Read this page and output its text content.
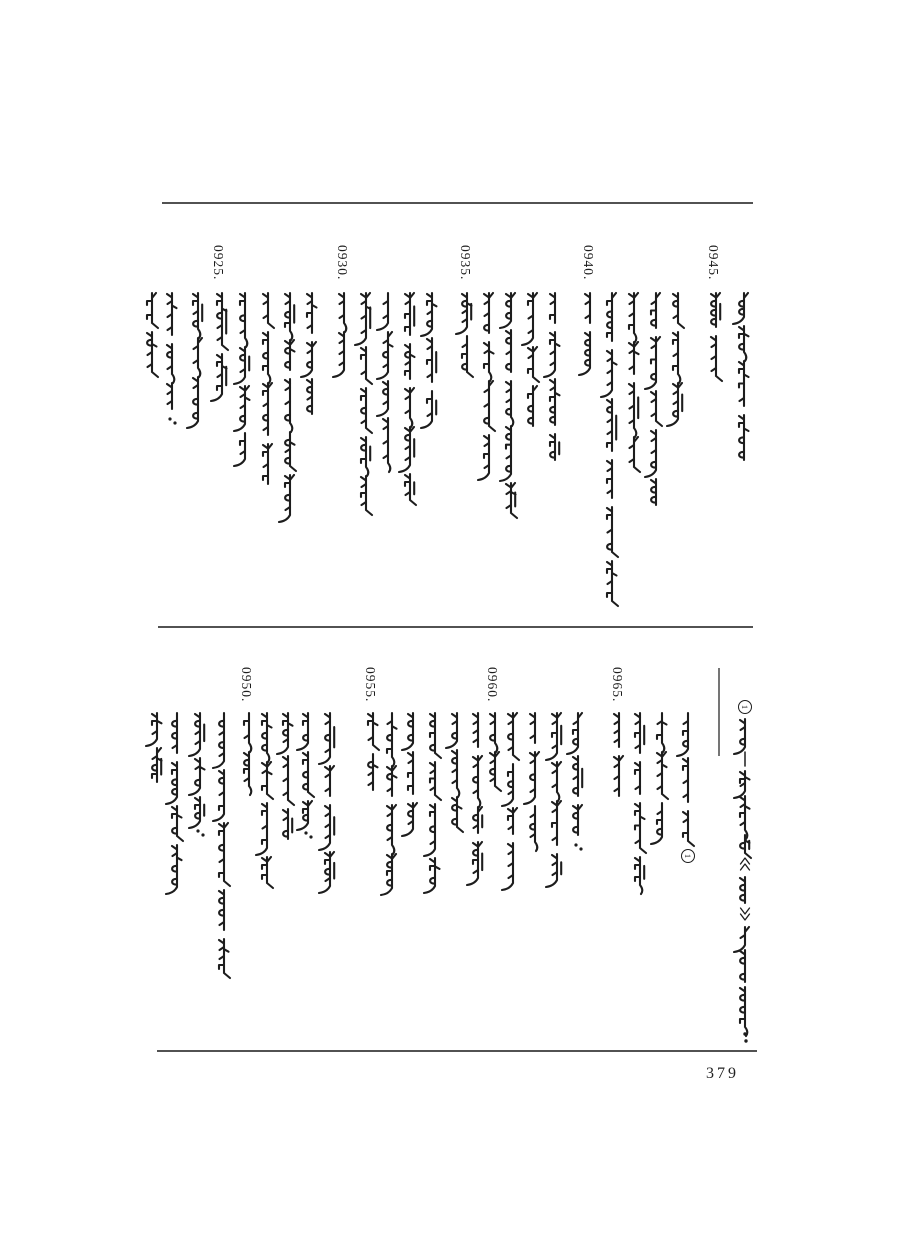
0925.	0930.	0935.	0940.	0945.
0950.	0955.	0960.	0965.
1
1
379
